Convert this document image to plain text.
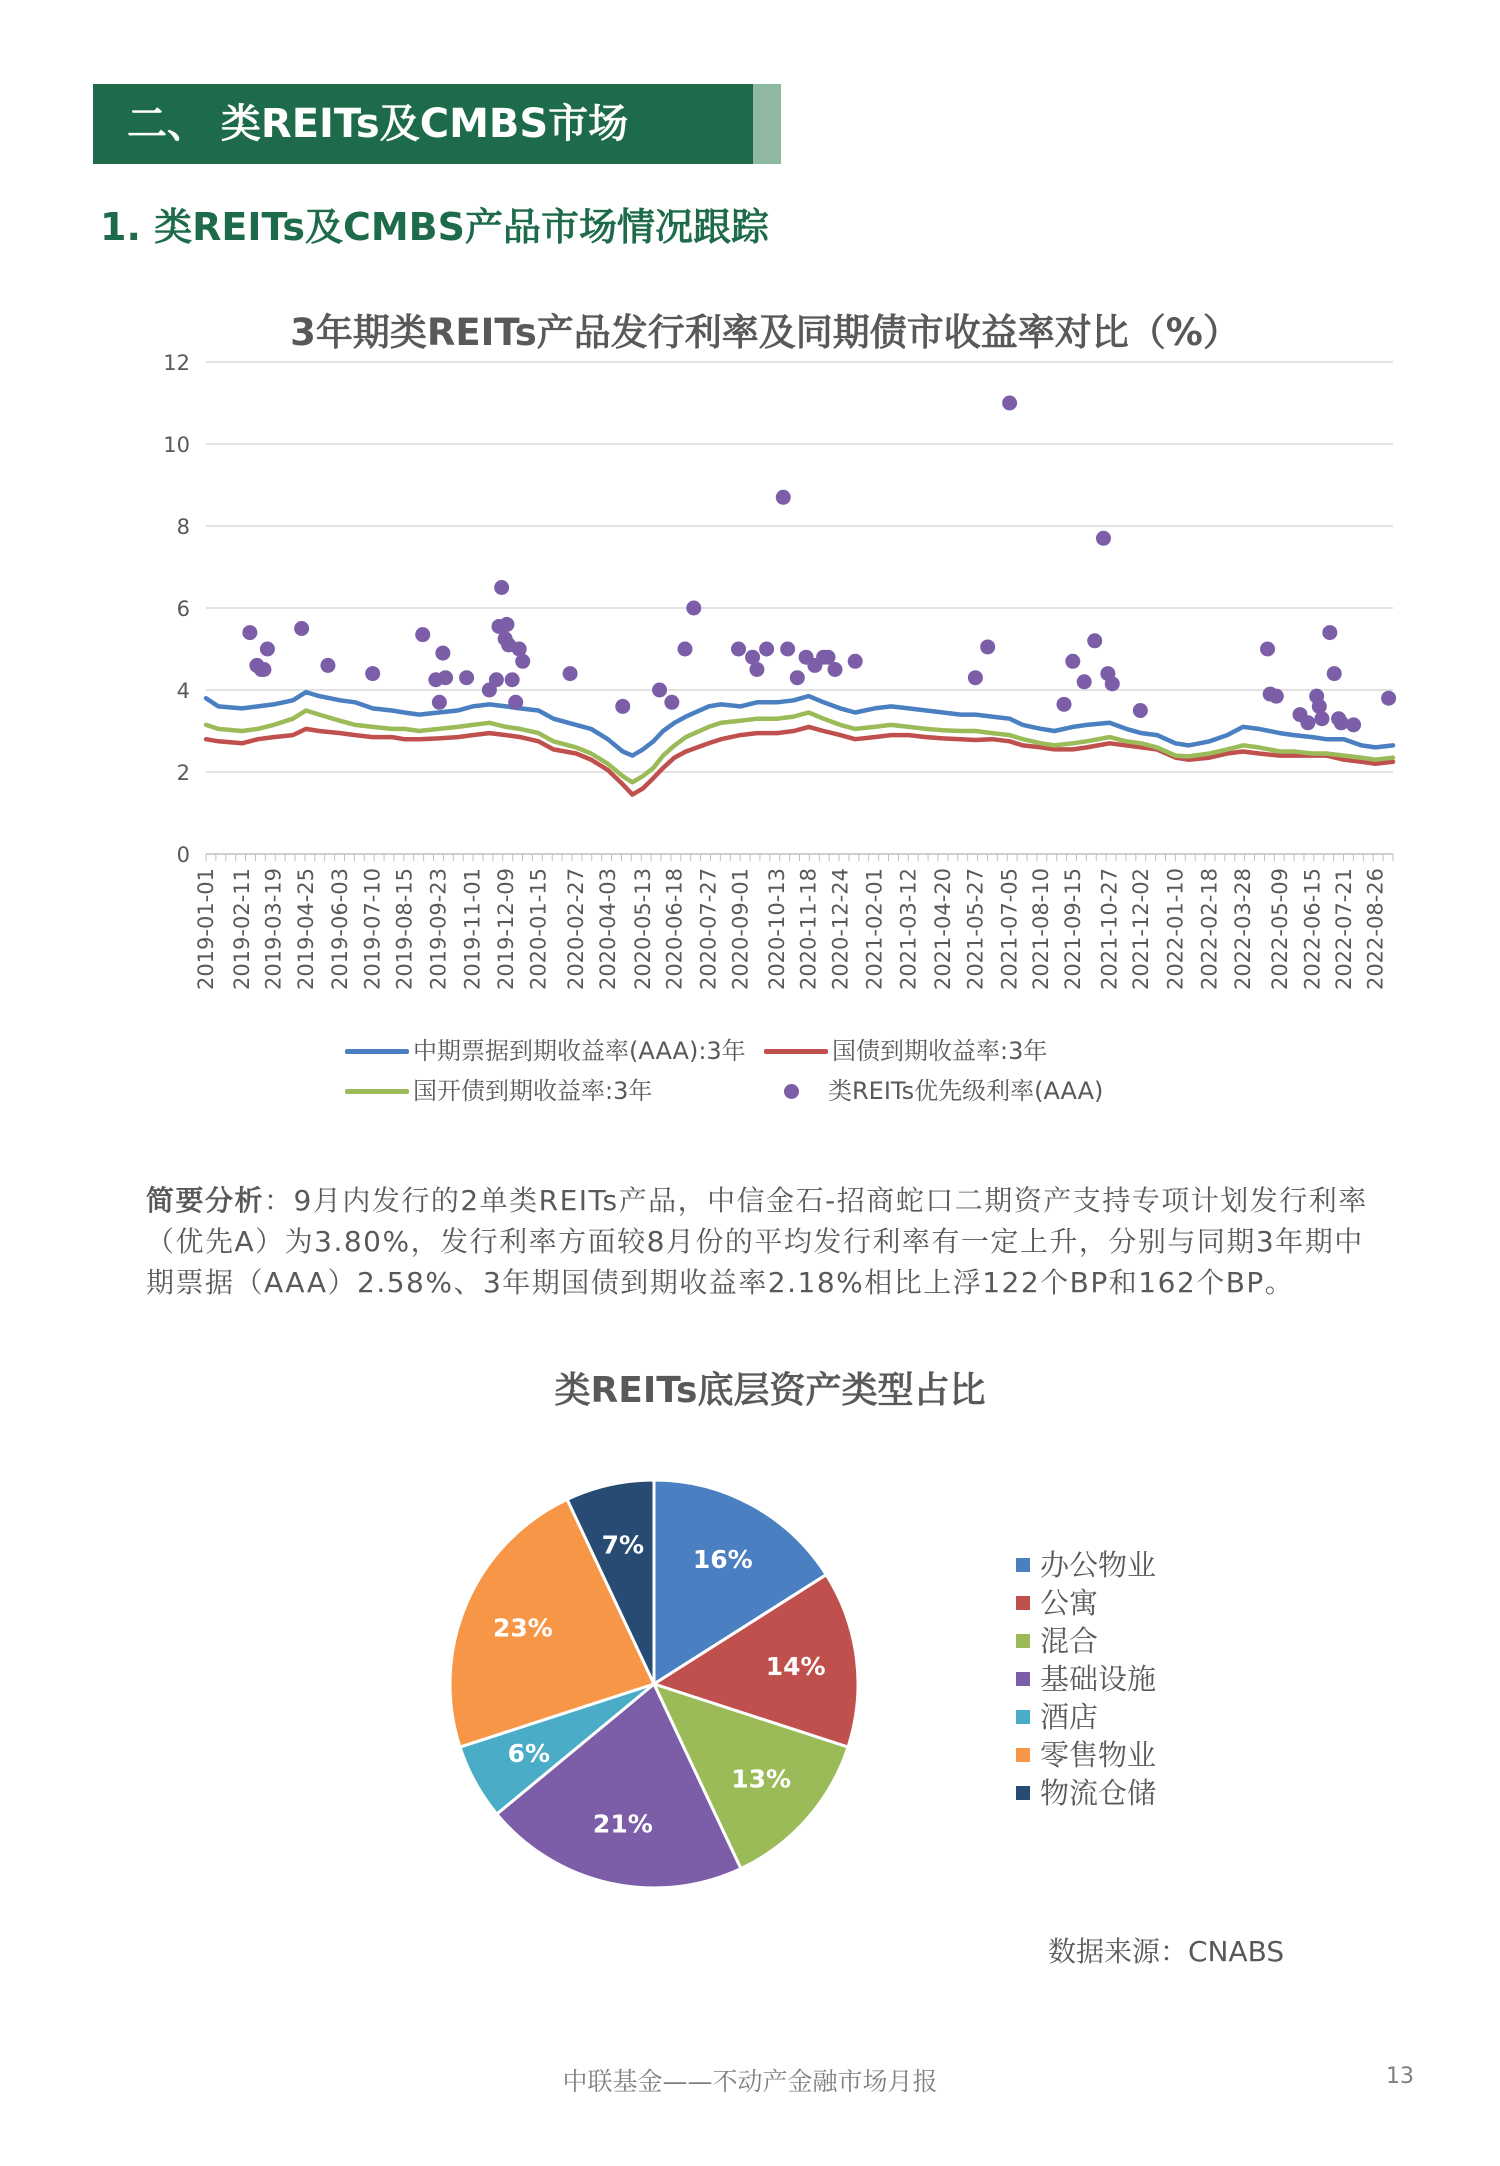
二、 类REITs及CMBS市场
1. 类REITs及CMBS产品市场情况跟踪
3年期类REITs产品发行利率及同期债市收益率对比（%）
0
2
4
6
8
10
12
2019-01-01 2019-02-11 2019-03-19 2019-04-25 2019-06-03 2019-07-10 2019-08-15 2019-09-23 2019-11-01 2019-12-09 2020-01-15 2020-02-27 2020-04-03 2020-05-13 2020-06-18 2020-07-27 2020-09-01 2020-10-13 2020-11-18 2020-12-24 2021-02-01 2021-03-12 2021-04-20 2021-05-27 2021-07-05 2021-08-10 2021-09-15 2021-10-27 2021-12-02 2022-01-10 2022-02-18 2022-03-28 2022-05-09 2022-06-15 2022-07-21 2022-08-26
中期票据到期收益率(AAA):3年	国债到期收益率:3年
国开债到期收益率:3年	类REITs优先级利率(AAA)
简要分析：9月内发行的2单类REITs产品，中信金石-招商蛇口二期资产支持专项计划发行利率（优先A）为3.80%，发行利率方面较8月份的平均发行利率有一定上升，分别与同期3年期中期票据（AAA）2.58%、3年期国债到期收益率2.18%相比上浮122个BP和162个BP。
类REITs底层资产类型占比
16%
14%
13%
21%
6%
23%
7%
办公物业
公寓
混合
基础设施
酒店
零售物业
物流仓储
数据来源：CNABS
中联基金——不动产金融市场月报	13
